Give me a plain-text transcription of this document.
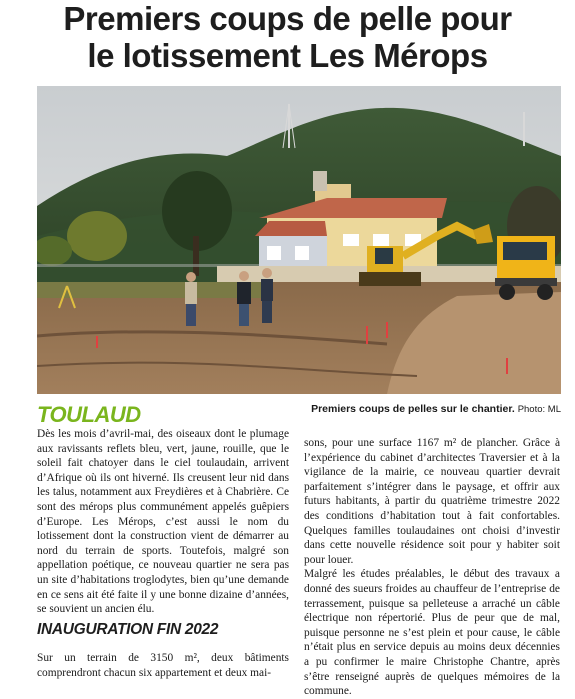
Premiers coups de pelle pour
le lotissement Les Mérops
Premiers coups de pelles sur le chantier. Photo: ML
TOULAUD

Dès les mois d’avril-mai, des oiseaux dont le plumage aux ravissants reflets bleu, vert, jaune, rouille, que le soleil fait chatoyer dans le ciel toulaudain, arrivent d’Afrique où ils ont hiverné. Ils creusent leur nid dans les talus, notamment aux Freydières et à Chabrière. Ce sont des mérops plus communément appelés guêpiers d’Europe. Les Mérops, c’est aussi le nom du lotissement dont la construction vient de démarrer au nord du terrain de sports. Toutefois, malgré son appellation poétique, ce nouveau quartier ne sera pas un site d’habitations troglodytes, bien qu’une demande en ce sens ait été faite il y une bonne dizaine d’années, se souvient un ancien élu.

INAUGURATION FIN 2022

Sur un terrain de 3150 m², deux bâtiments comprendront chacun six appartement et deux mai-

sons, pour une surface 1167 m² de plancher. Grâce à l’expérience du cabinet d’architectes Traversier et à la vigilance de la mairie, ce nouveau quartier devrait parfaitement s’intégrer dans le paysage, et offrir aux futurs habitants, à partir du quatrième trimestre 2022 des conditions d’habitation tout à fait confortables. Quelques familles toulaudaines ont choisi d’investir dans cette nouvelle résidence soit pour y habiter soit pour louer.

Malgré les études préalables, le début des travaux a donné des sueurs froides au chauffeur de l’entreprise de terrassement, puisque sa pelleteuse a arraché un câble électrique non répertorié. Plus de peur que de mal, puisque personne ne s’est plein et pour cause, le câble n’était plus en service depuis au moins deux décennies a pu confirmer le maire Christophe Chantre, après s’être renseigné auprès de quelques mémoires de la commune.
